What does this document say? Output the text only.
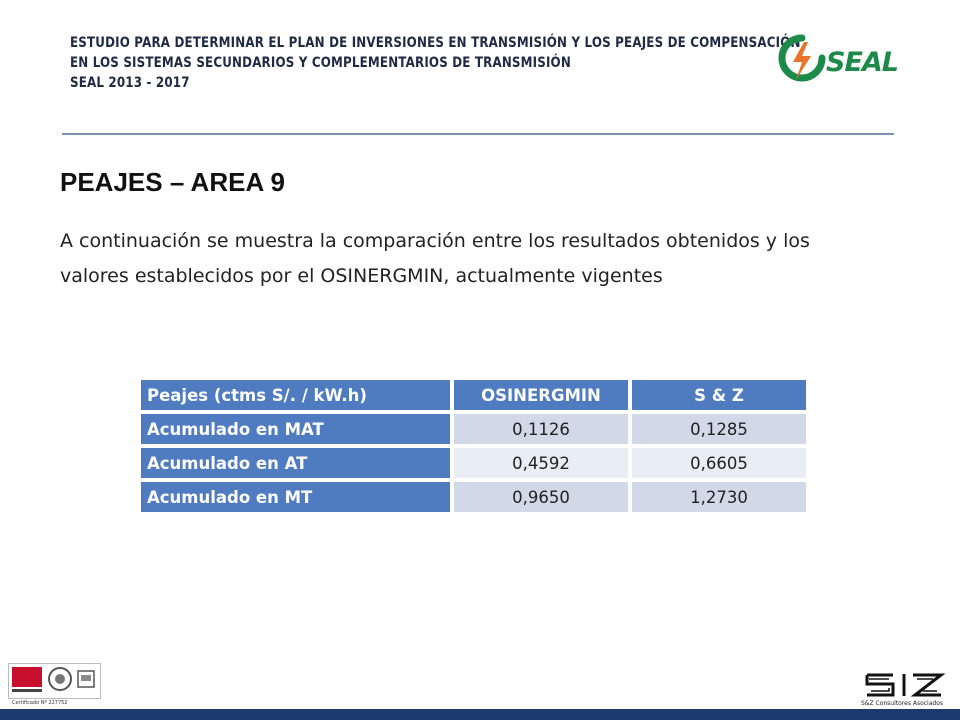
ESTUDIO PARA DETERMINAR EL PLAN DE INVERSIONES EN TRANSMISIÓN Y LOS PEAJES DE COMPENSACIÓN
EN LOS SISTEMAS SECUNDARIOS Y COMPLEMENTARIOS DE TRANSMISIÓN
SEAL 2013 - 2017
SEAL
PEAJES – AREA 9
A continuación se muestra la comparación entre los resultados obtenidos y los valores establecidos por el OSINERGMIN, actualmente vigentes
Peajes (ctms S/. / kW.h)	OSINERGMIN	S & Z
Acumulado en MAT	0,1126	0,1285
Acumulado en AT	0,4592	0,6605
Acumulado en MT	0,9650	1,2730
Certificado Nº 227752	S&Z Consultores Asociados
